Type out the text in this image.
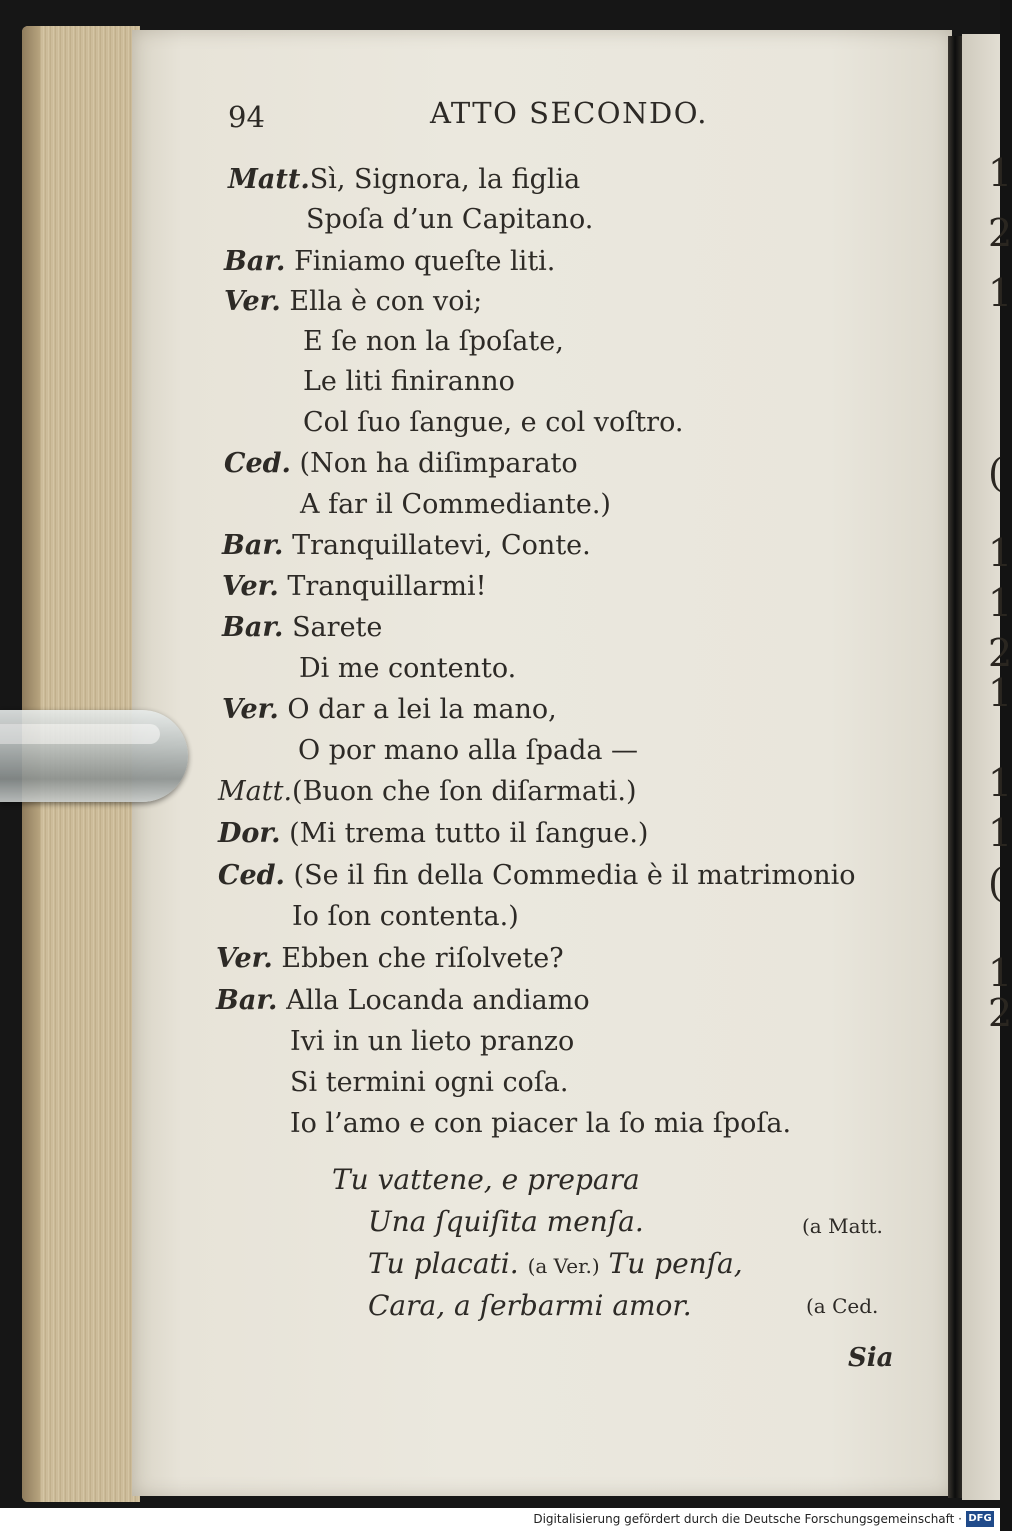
1
2
1
(
1
1
2
1
1
1
(
1
2
94	ATTO SECONDO.
Matt.Sì, Signora, la figlia
Spoſa d’un Capitano.
Bar. Finiamo queſte liti.
Ver. Ella è con voi;
E ſe non la ſpoſate,
Le liti finiranno
Col ſuo ſangue, e col voſtro.
Ced. (Non ha diſimparato
A far il Commediante.)
Bar. Tranquillatevi, Conte.
Ver. Tranquillarmi!
Bar. Sarete
Di me contento.
Ver. O dar a lei la mano,
O por mano alla ſpada —
Matt.(Buon che ſon diſarmati.)
Dor. (Mi trema tutto il ſangue.)
Ced. (Se il fin della Commedia è il matrimonio
Io ſon contenta.)
Ver. Ebben che riſolvete?
Bar. Alla Locanda andiamo
Ivi in un lieto pranzo
Si termini ogni coſa.
Io l’amo e con piacer la ſo mia ſpoſa.
Tu vattene, e prepara
Una ſquiſita menſa.	(a Matt.
Tu placati. (a Ver.) Tu penſa,
Cara, a ſerbarmi amor.	(a Ced.
Sia
Digitalisierung gefördert durch die Deutsche Forschungsgemeinschaft · DFG
